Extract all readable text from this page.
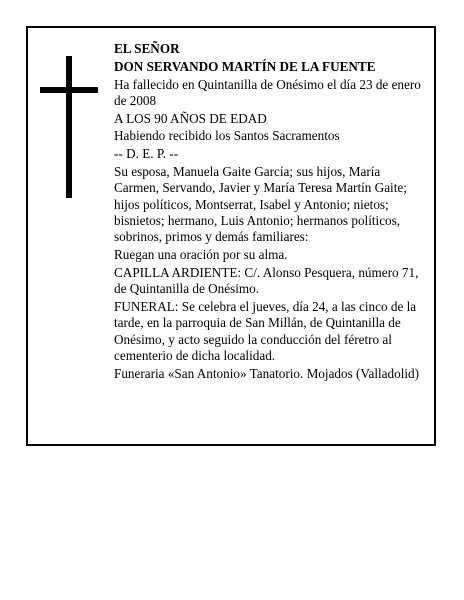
EL SEÑOR

DON SERVANDO MARTÍN DE LA FUENTE

Ha fallecido en Quintanilla de Onésimo el día 23 de enero de 2008

A LOS 90 AÑOS DE EDAD

Habiendo recibido los Santos Sacramentos

-- D. E. P. --

Su esposa, Manuela Gaite García; sus hijos, María Carmen, Servando, Javier y María Teresa Martín Gaite; hijos políticos, Montserrat, Isabel y Antonio; nietos; bisnietos; hermano, Luis Antonio; hermanos políticos, sobrinos, primos y demás familiares:

Ruegan una oración por su alma.

CAPILLA ARDIENTE: C/. Alonso Pesquera, número 71, de Quintanilla de Onésimo.

FUNERAL: Se celebra el jueves, día 24, a las cinco de la tarde, en la parroquia de San Millán, de Quintanilla de Onésimo, y acto seguido la conducción del féretro al cementerio de dicha localidad.

Funeraria «San Antonio» Tanatorio. Mojados (Valladolid)
